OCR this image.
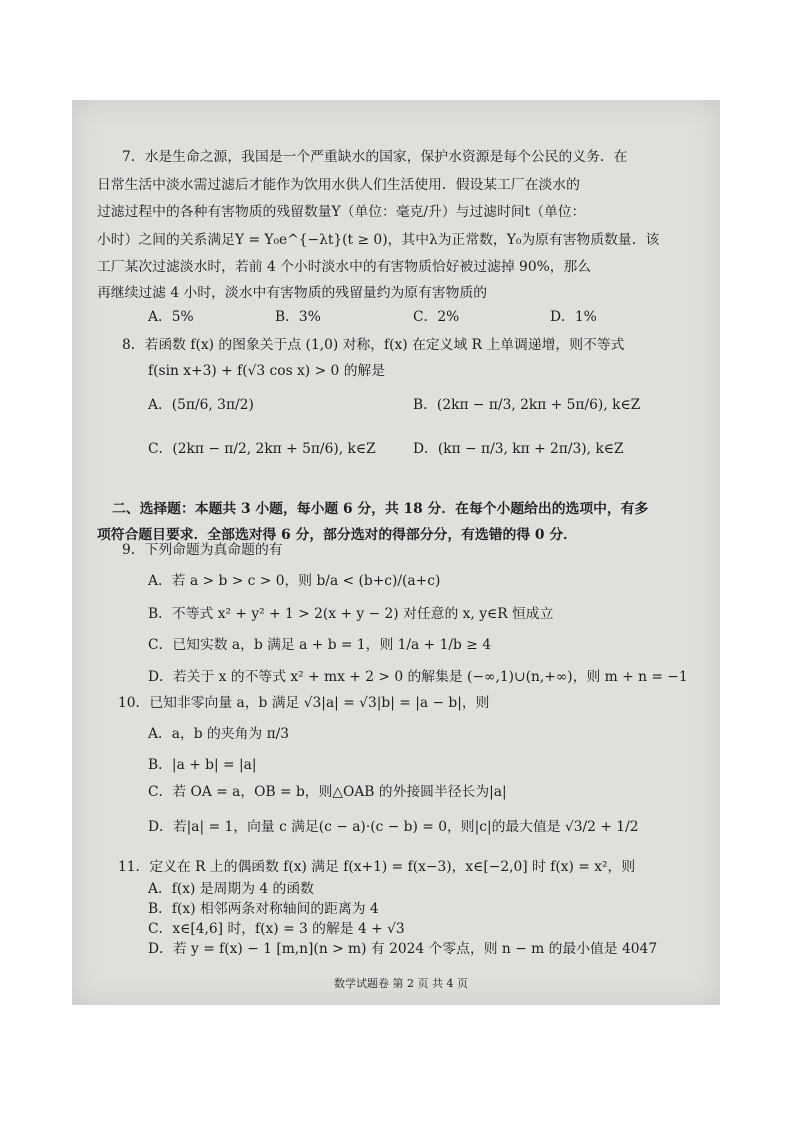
7．水是生命之源，我国是一个严重缺水的国家，保护水资源是每个公民的义务．在
日常生活中淡水需过滤后才能作为饮用水供人们生活使用．假设某工厂在淡水的
过滤过程中的各种有害物质的残留数量Y（单位：毫克/升）与过滤时间t（单位：
小时）之间的关系满足Y = Y₀e^{−λt}(t ≥ 0)，其中λ为正常数，Y₀为原有害物质数量．该
工厂某次过滤淡水时，若前 4 个小时淡水中的有害物质恰好被过滤掉 90%，那么
再继续过滤 4 小时，淡水中有害物质的残留量约为原有害物质的
A．5%	B．3%	C．2%	D．1%
8．若函数 f(x) 的图象关于点 (1,0) 对称，f(x) 在定义域 R 上单调递增，则不等式
f(sin x+3) + f(√3 cos x) > 0 的解是
A．(5π/6, 3π/2)	B．(2kπ − π/3, 2kπ + 5π/6), k∈Z
C．(2kπ − π/2, 2kπ + 5π/6), k∈Z	D．(kπ − π/3, kπ + 2π/3), k∈Z
二、选择题：本题共 3 小题，每小题 6 分，共 18 分．在每个小题给出的选项中，有多
项符合题目要求．全部选对得 6 分，部分选对的得部分分，有选错的得 0 分．
9．下列命题为真命题的有
A．若 a > b > c > 0，则 b/a < (b+c)/(a+c)
B．不等式 x² + y² + 1 > 2(x + y − 2) 对任意的 x, y∈R 恒成立
C．已知实数 a，b 满足 a + b = 1，则 1/a + 1/b ≥ 4
D．若关于 x 的不等式 x² + mx + 2 > 0 的解集是 (−∞,1)∪(n,+∞)，则 m + n = −1
10．已知非零向量 a，b 满足 √3|a| = √3|b| = |a − b|，则
A．a，b 的夹角为 π/3
B．|a + b| = |a|
C．若 OA = a，OB = b，则△OAB 的外接圆半径长为|a|
D．若|a| = 1，向量 c 满足(c − a)·(c − b) = 0，则|c|的最大值是 √3/2 + 1/2
11．定义在 R 上的偶函数 f(x) 满足 f(x+1) = f(x−3)，x∈[−2,0] 时 f(x) = x²，则
A．f(x) 是周期为 4 的函数
B．f(x) 相邻两条对称轴间的距离为 4
C．x∈[4,6] 时，f(x) = 3 的解是 4 + √3
D．若 y = f(x) − 1 [m,n](n > m) 有 2024 个零点，则 n − m 的最小值是 4047
数学试题卷 第 2 页 共 4 页
